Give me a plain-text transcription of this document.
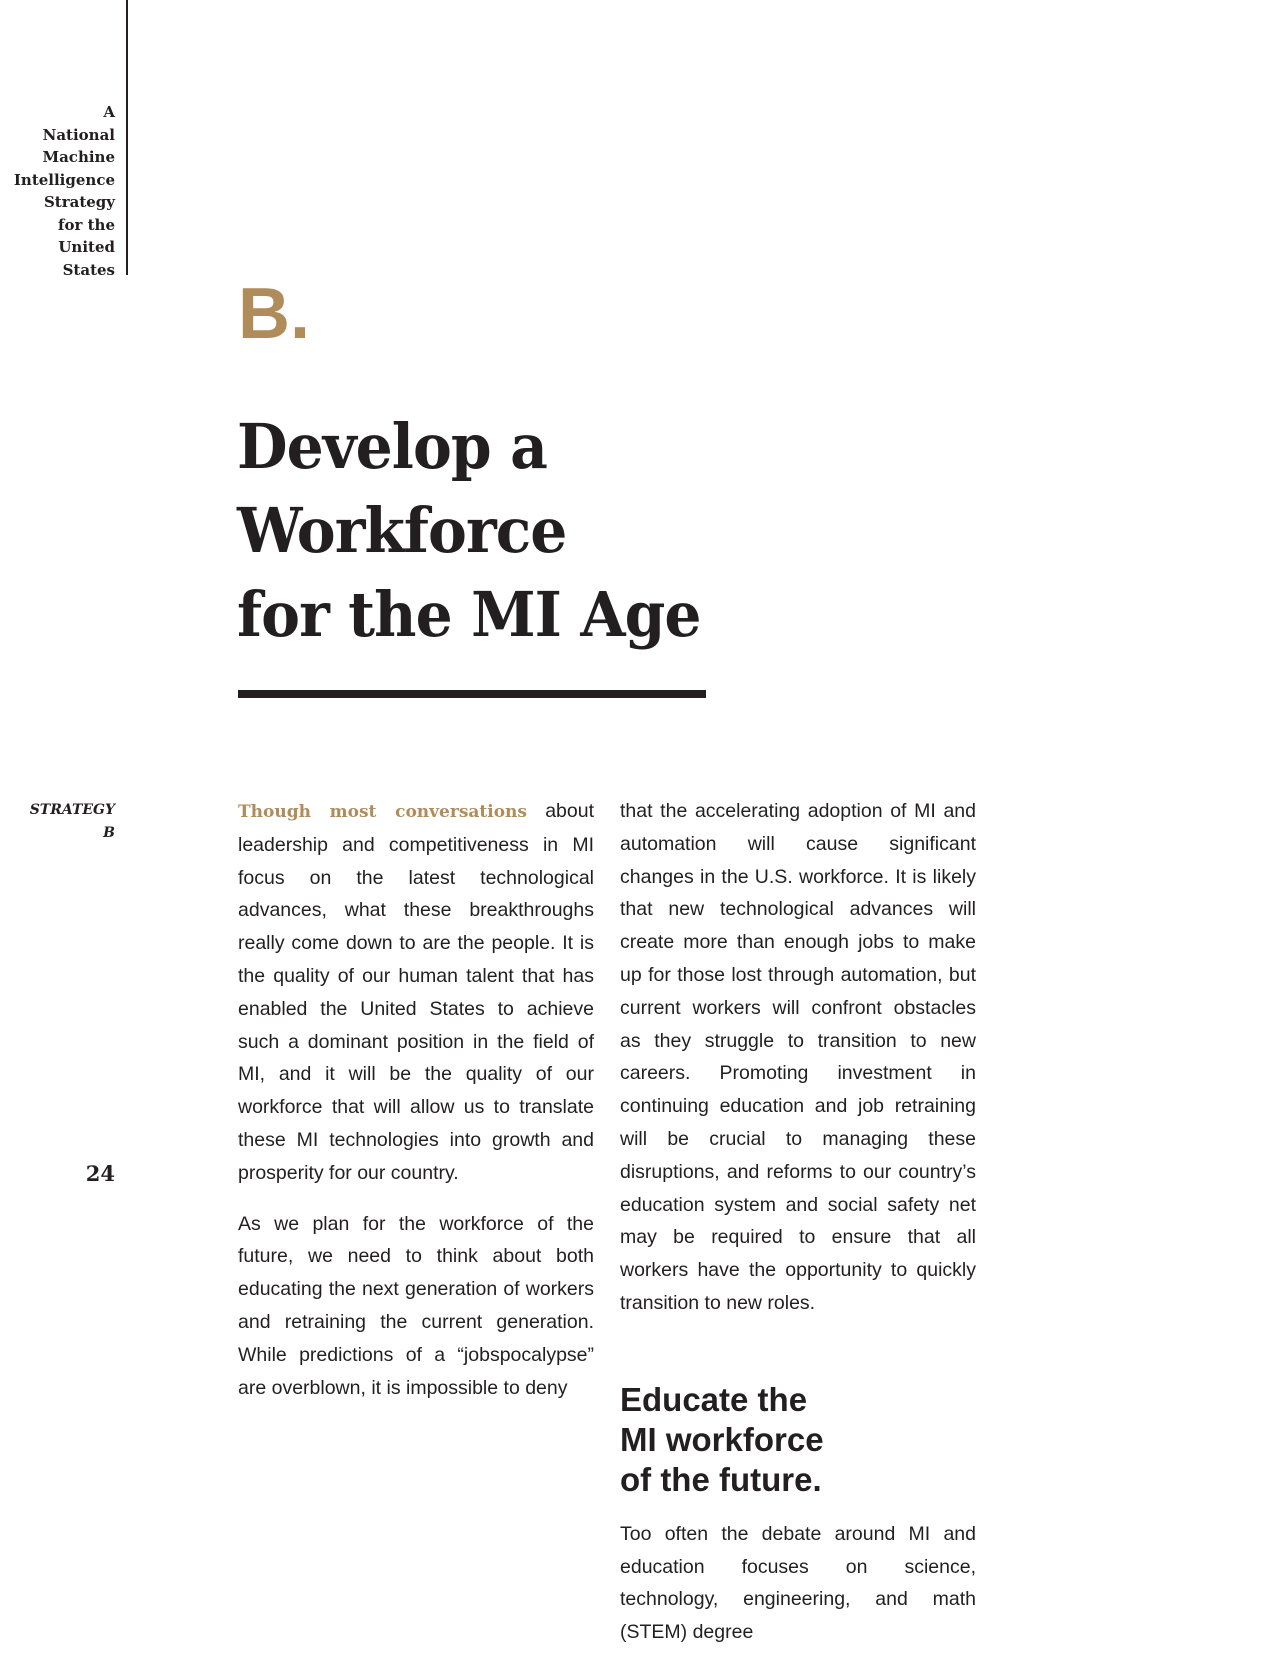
A
National
Machine
Intelligence
Strategy
for the
United
States
B.
Develop a
Workforce
for the MI Age
STRATEGY
B
24

Though most conversations about leadership and competitiveness in MI focus on the latest technological advances, what these breakthroughs really come down to are the people. It is the quality of our human talent that has enabled the United States to achieve such a dominant position in the field of MI, and it will be the quality of our workforce that will allow us to translate these MI technologies into growth and prosperity for our country.

As we plan for the workforce of the future, we need to think about both educating the next generation of workers and retraining the current generation. While predictions of a “jobspocalypse” are overblown, it is impossible to deny

that the accelerating adoption of MI and automation will cause significant changes in the U.S. workforce. It is likely that new technological advances will create more than enough jobs to make up for those lost through automation, but current workers will confront obstacles as they struggle to transition to new careers. Promoting investment in continuing education and job retraining will be crucial to managing these disruptions, and reforms to our country’s education system and social safety net may be required to ensure that all workers have the opportunity to quickly transition to new roles.

Educate the
MI workforce
of the future.

Too often the debate around MI and education focuses on science, technology, engineering, and math (STEM) degree
